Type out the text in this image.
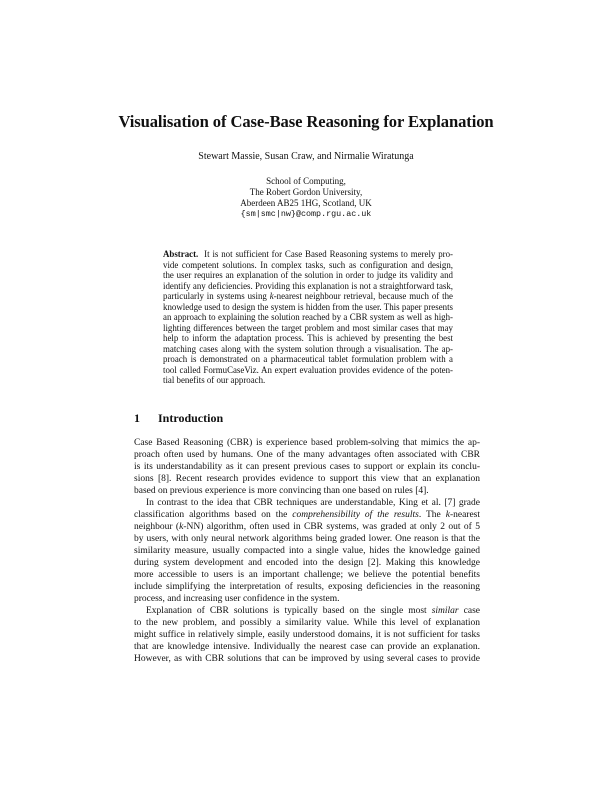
Visualisation of Case-Base Reasoning for Explanation
Stewart Massie, Susan Craw, and Nirmalie Wiratunga
School of Computing,
The Robert Gordon University,
Aberdeen AB25 1HG, Scotland, UK
{sm|smc|nw}@comp.rgu.ac.uk
Abstract. It is not sufficient for Case Based Reasoning systems to merely pro-
vide competent solutions. In complex tasks, such as configuration and design,
the user requires an explanation of the solution in order to judge its validity and
identify any deficiencies. Providing this explanation is not a straightforward task,
particularly in systems using k-nearest neighbour retrieval, because much of the
knowledge used to design the system is hidden from the user. This paper presents
an approach to explaining the solution reached by a CBR system as well as high-
lighting differences between the target problem and most similar cases that may
help to inform the adaptation process. This is achieved by presenting the best
matching cases along with the system solution through a visualisation. The ap-
proach is demonstrated on a pharmaceutical tablet formulation problem with a
tool called FormuCaseViz. An expert evaluation provides evidence of the poten-
tial benefits of our approach.
1 Introduction
Case Based Reasoning (CBR) is experience based problem-solving that mimics the ap-
proach often used by humans. One of the many advantages often associated with CBR
is its understandability as it can present previous cases to support or explain its conclu-
sions [8]. Recent research provides evidence to support this view that an explanation
based on previous experience is more convincing than one based on rules [4].
In contrast to the idea that CBR techniques are understandable, King et al. [7] grade
classification algorithms based on the comprehensibility of the results. The k-nearest
neighbour (k-NN) algorithm, often used in CBR systems, was graded at only 2 out of 5
by users, with only neural network algorithms being graded lower. One reason is that the
similarity measure, usually compacted into a single value, hides the knowledge gained
during system development and encoded into the design [2]. Making this knowledge
more accessible to users is an important challenge; we believe the potential benefits
include simplifying the interpretation of results, exposing deficiencies in the reasoning
process, and increasing user confidence in the system.
Explanation of CBR solutions is typically based on the single most similar case
to the new problem, and possibly a similarity value. While this level of explanation
might suffice in relatively simple, easily understood domains, it is not sufficient for tasks
that are knowledge intensive. Individually the nearest case can provide an explanation.
However, as with CBR solutions that can be improved by using several cases to provide
